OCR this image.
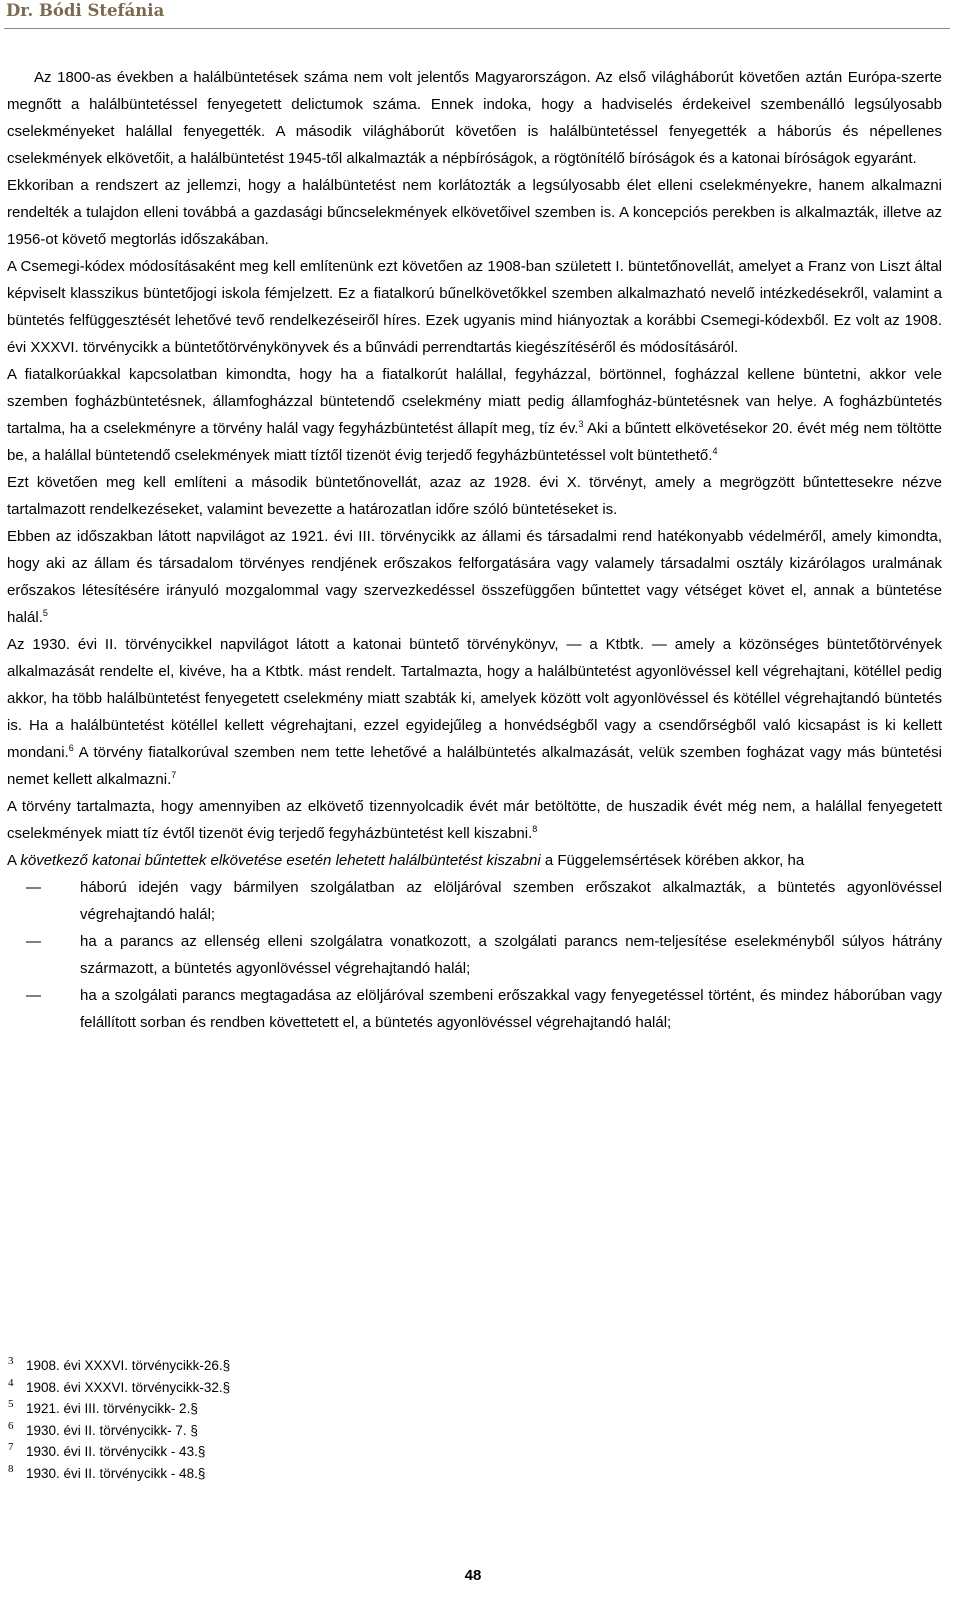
Dr. Bódi Stefánia

Az 1800-as években a halálbüntetések száma nem volt jelentős Magyarországon. Az első világháborút követően aztán Európa-szerte megnőtt a halálbüntetéssel fenyegetett delictumok száma. Ennek indoka, hogy a hadviselés érdekeivel szembenálló legsúlyosabb cselekményeket halállal fenyegették. A második világháborút követően is halálbüntetéssel fenyegették a háborús és népellenes cselekmények elkövetőit, a halálbüntetést 1945-től alkalmazták a népbíróságok, a rögtönítélő bíróságok és a katonai bíróságok egyaránt.

Ekkoriban a rendszert az jellemzi, hogy a halálbüntetést nem korlátozták a legsúlyosabb élet elleni cselekményekre, hanem alkalmazni rendelték a tulajdon elleni továbbá a gazdasági bűncselekmények elkövetőivel szemben is. A koncepciós perekben is alkalmazták, illetve az 1956-ot követő megtorlás időszakában.

A Csemegi-kódex módosításaként meg kell említenünk ezt követően az 1908-ban született I. büntetőnovellát, amelyet a Franz von Liszt által képviselt klasszikus büntetőjogi iskola fémjelzett. Ez a fiatalkorú bűnelkövetőkkel szemben alkalmazható nevelő intézkedésekről, valamint a büntetés felfüggesztését lehetővé tevő rendelkezéseiről híres. Ezek ugyanis mind hiányoztak a korábbi Csemegi-kódexből. Ez volt az 1908. évi XXXVI. törvénycikk a büntetőtörvénykönyvek és a bűnvádi perrendtartás kiegészítéséről és módosításáról.

A fiatalkorúakkal kapcsolatban kimondta, hogy ha a fiatalkorút halállal, fegyházzal, börtönnel, fogházzal kellene büntetni, akkor vele szemben fogházbüntetésnek, államfogházzal büntetendő cselekmény miatt pedig államfogház-büntetésnek van helye. A fogházbüntetés tartalma, ha a cselekményre a törvény halál vagy fegyházbüntetést állapít meg, tíz év.$^3$ Aki a bűntett elkövetésekor 20. évét még nem töltötte be, a halállal büntetendő cselekmények miatt tíztől tizenöt évig terjedő fegyházbüntetéssel volt büntethető.$^4$

Ezt követően meg kell említeni a második büntetőnovellát, azaz az 1928. évi X. törvényt, amely a megrögzött bűntettesekre nézve tartalmazott rendelkezéseket, valamint bevezette a határozatlan időre szóló büntetéseket is.

Ebben az időszakban látott napvilágot az 1921. évi III. törvénycikk az állami és társadalmi rend hatékonyabb védelméről, amely kimondta, hogy aki az állam és társadalom törvényes rendjének erőszakos felforgatására vagy valamely társadalmi osztály kizárólagos uralmának erőszakos létesítésére irányuló mozgalommal vagy szervezkedéssel összefüggően bűntettet vagy vétséget követ el, annak a büntetése halál.$^5$

Az 1930. évi II. törvénycikkel napvilágot látott a katonai büntető törvénykönyv, — a Ktbtk. — amely a közönséges büntetőtörvények alkalmazását rendelte el, kivéve, ha a Ktbtk. mást rendelt. Tartalmazta, hogy a halálbüntetést agyonlövéssel kell végrehajtani, kötéllel pedig akkor, ha több halálbüntetést fenyegetett cselekmény miatt szabták ki, amelyek között volt agyonlövéssel és kötéllel végrehajtandó büntetés is. Ha a halálbüntetést kötéllel kellett végrehajtani, ezzel egyidejűleg a honvédségből vagy a csendőrségből való kicsapást is ki kellett mondani.$^6$ A törvény fiatalkorúval szemben nem tette lehetővé a halálbüntetés alkalmazását, velük szemben fogházat vagy más büntetési nemet kellett alkalmazni.$^7$

A törvény tartalmazta, hogy amennyiben az elkövető tizennyolcadik évét már betöltötte, de huszadik évét még nem, a halállal fenyegetett cselekmények miatt tíz évtől tizenöt évig terjedő fegyházbüntetést kell kiszabni.$^8$

A következő katonai bűntettek elkövetése esetén lehetett halálbüntetést kiszabni a Függelemsértések körében akkor, ha

—	háború idején vagy bármilyen szolgálatban az elöljáróval szemben erőszakot alkalmazták, a büntetés agyonlövéssel végrehajtandó halál;
—	ha a parancs az ellenség elleni szolgálatra vonatkozott, a szolgálati parancs nem-teljesítése eselekményből súlyos hátrány származott, a büntetés agyonlövéssel végrehajtandó halál;
—	ha a szolgálati parancs megtagadása az elöljáróval szembeni erőszakkal vagy fenyegetéssel történt, és mindez háborúban vagy felállított sorban és rendben követtetett el, a büntetés agyonlövéssel végrehajtandó halál;
3 1908. évi XXXVI. törvénycikk-26.§
4 1908. évi XXXVI. törvénycikk-32.§
5 1921. évi III. törvénycikk- 2.§
6 1930. évi II. törvénycikk- 7. §
7 1930. évi II. törvénycikk - 43.§
8 1930. évi II. törvénycikk - 48.§
48
